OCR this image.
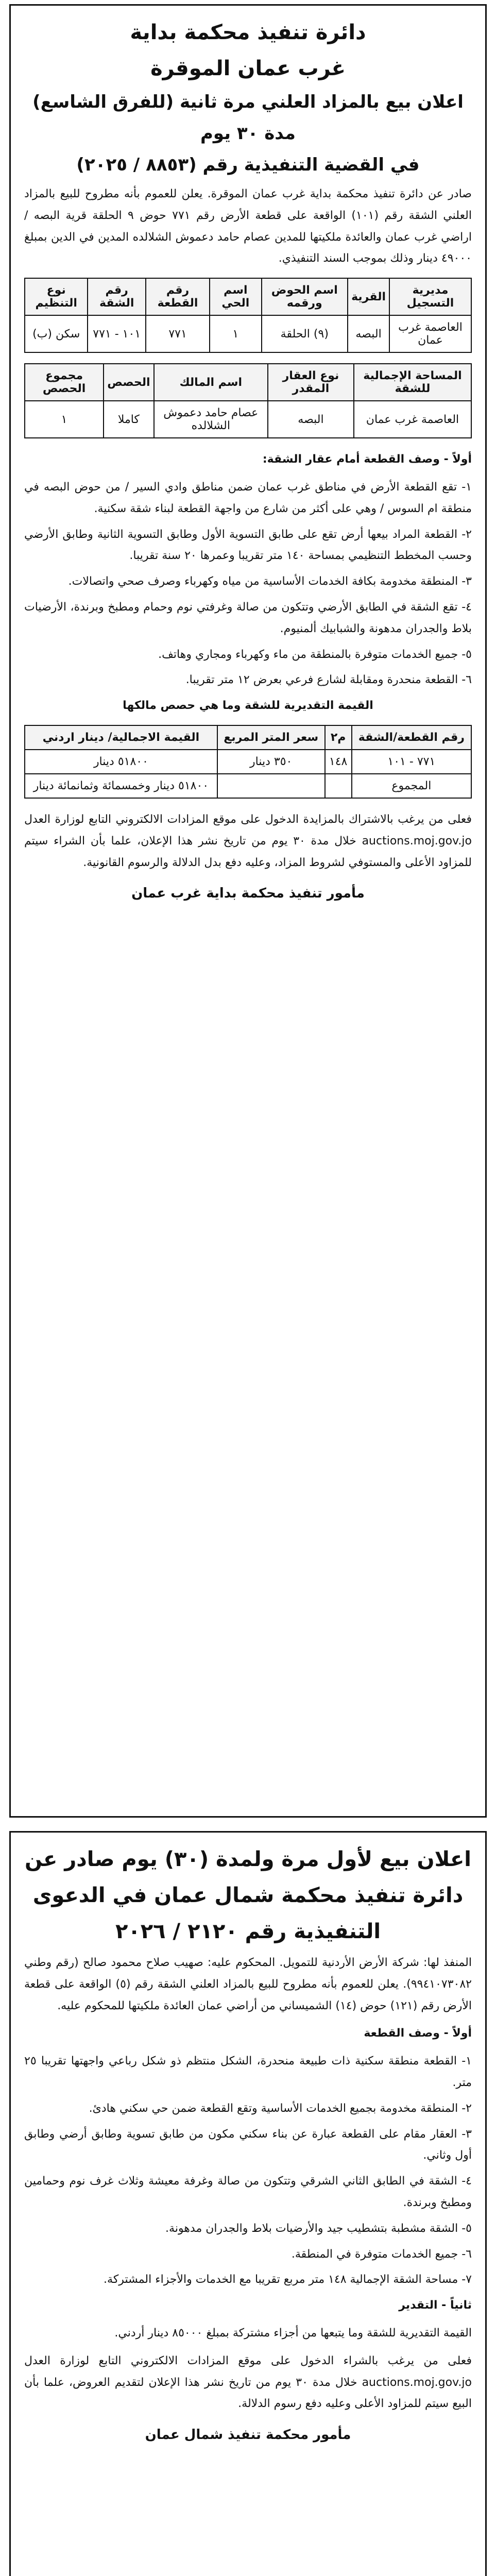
دائرة تنفيذ محكمة بداية
غرب عمان الموقرة
اعلان بيع بالمزاد العلني مرة ثانية (للفرق الشاسع)
مدة ٣٠ يوم
في القضية التنفيذية رقم (٨٨٥٣ / ٢٠٢٥)

صادر عن دائرة تنفيذ محكمة بداية غرب عمان الموقرة. يعلن للعموم بأنه مطروح للبيع بالمزاد العلني الشقة رقم (١٠١) الواقعة على قطعة الأرض رقم ٧٧١ حوض ٩ الحلقة قرية البصه / اراضي غرب عمان والعائدة ملكيتها للمدين عصام حامد دعموش الشلالده المدين في الدين بمبلغ ٤٩٠٠٠ دينار وذلك بموجب السند التنفيذي.

مديرية التسجيل	القرية	اسم الحوض ورقمه	اسم الحي	رقم القطعة	رقم الشقة	نوع التنظيم
العاصمة غرب عمان	البصه	(٩) الحلقة	١	٧٧١	١٠١ - ٧٧١	سكن (ب)
المساحة الإجمالية للشقة	نوع العقار المقدر	اسم المالك	الحصص	مجموع الحصص
العاصمة غرب عمان	البصه	عصام حامد دعموش الشلالده	كاملا	١

أولاً - وصف القطعة أمام عقار الشقة:

١- تقع القطعة الأرض في مناطق غرب عمان ضمن مناطق وادي السير / من حوض البصه في منطقة ام السوس / وهي على أكثر من شارع من واجهة القطعة لبناء شقة سكنية.

٢- القطعة المراد بيعها أرض تقع على طابق التسوية الأول وطابق التسوية الثانية وطابق الأرضي وحسب المخطط التنظيمي بمساحة ١٤٠ متر تقريبا وعمرها ٢٠ سنة تقريبا.

٣- المنطقة مخدومة بكافة الخدمات الأساسية من مياه وكهرباء وصرف صحي واتصالات.

٤- تقع الشقة في الطابق الأرضي وتتكون من صالة وغرفتي نوم وحمام ومطبخ وبرندة، الأرضيات بلاط والجدران مدهونة والشبابيك ألمنيوم.

٥- جميع الخدمات متوفرة بالمنطقة من ماء وكهرباء ومجاري وهاتف.

٦- القطعة منحدرة ومقابلة لشارع فرعي بعرض ١٢ متر تقريبا.

القيمة التقديرية للشقة وما هي حصص مالكها

رقم القطعة/الشقة	م٢	سعر المتر المربع	القيمة الاجمالية/ دينار اردني
٧٧١ - ١٠١	١٤٨	٣٥٠ دينار	٥١٨٠٠ دينار
المجموع			٥١٨٠٠ دينار وخمسمائة وثمانمائة دينار

فعلى من يرغب بالاشتراك بالمزايدة الدخول على موقع المزادات الالكتروني التابع لوزارة العدل auctions.moj.gov.jo خلال مدة ٣٠ يوم من تاريخ نشر هذا الإعلان، علما بأن الشراء سيتم للمزاود الأعلى والمستوفي لشروط المزاد، وعليه دفع بدل الدلالة والرسوم القانونية.

مأمور تنفيذ محكمة بداية غرب عمان
اعلان بيع لأول مرة ولمدة (٣٠) يوم صادر عن
دائرة تنفيذ محكمة شمال عمان في الدعوى
التنفيذية رقم ٢١٢٠ / ٢٠٢٦

المنفذ لها: شركة الأرض الأردنية للتمويل. المحكوم عليه: صهيب صلاح محمود صالح (رقم وطني ٩٩٤١٠٧٣٠٨٢). يعلن للعموم بأنه مطروح للبيع بالمزاد العلني الشقة رقم (٥) الواقعة على قطعة الأرض رقم (١٢١) حوض (١٤) الشميساني من أراضي عمان العائدة ملكيتها للمحكوم عليه.

أولاً - وصف القطعة

١- القطعة منطقة سكنية ذات طبيعة منحدرة، الشكل منتظم ذو شكل رباعي واجهتها تقريبا ٢٥ متر.

٢- المنطقة مخدومة بجميع الخدمات الأساسية وتقع القطعة ضمن حي سكني هادئ.

٣- العقار مقام على القطعة عبارة عن بناء سكني مكون من طابق تسوية وطابق أرضي وطابق أول وثاني.

٤- الشقة في الطابق الثاني الشرقي وتتكون من صالة وغرفة معيشة وثلاث غرف نوم وحمامين ومطبخ وبرندة.

٥- الشقة مشطبة بتشطيب جيد والأرضيات بلاط والجدران مدهونة.

٦- جميع الخدمات متوفرة في المنطقة.

٧- مساحة الشقة الإجمالية ١٤٨ متر مربع تقريبا مع الخدمات والأجزاء المشتركة.

ثانياً - التقدير

القيمة التقديرية للشقة وما يتبعها من أجزاء مشتركة بمبلغ ٨٥٠٠٠ دينار أردني.

فعلى من يرغب بالشراء الدخول على موقع المزادات الالكتروني التابع لوزارة العدل auctions.moj.gov.jo خلال مدة ٣٠ يوم من تاريخ نشر هذا الإعلان لتقديم العروض، علما بأن البيع سيتم للمزاود الأعلى وعليه دفع رسوم الدلالة.

مأمور محكمة تنفيذ شمال عمان
